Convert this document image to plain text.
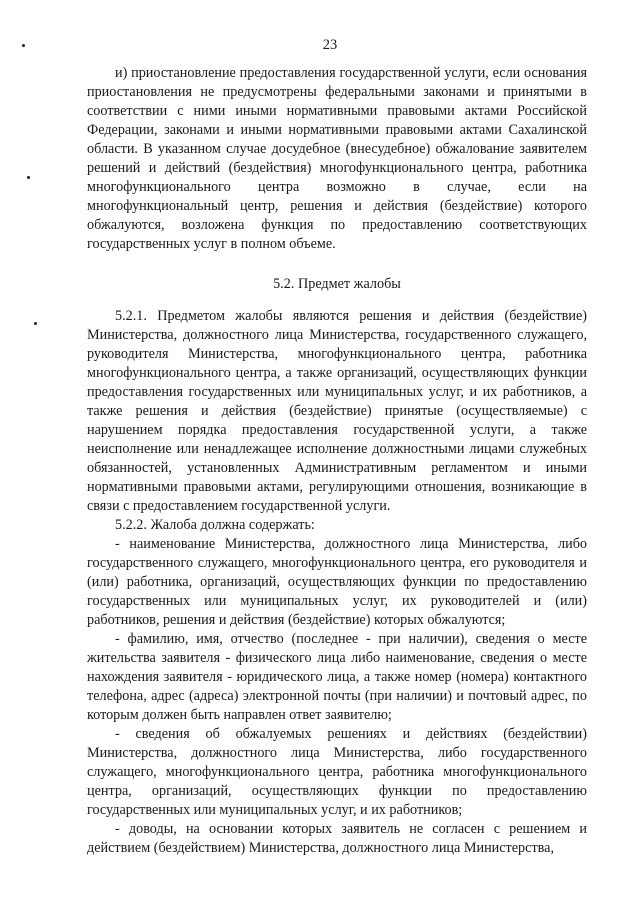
23

и) приостановление предоставления государственной услуги, если основания приостановления не предусмотрены федеральными законами и принятыми в соответствии с ними иными нормативными правовыми актами Российской Федерации, законами и иными нормативными правовыми актами Сахалинской области. В указанном случае досудебное (внесудебное) обжалование заявителем решений и действий (бездействия) многофункционального центра, работника многофункционального центра возможно в случае, если на многофункциональный центр, решения и действия (бездействие) которого обжалуются, возложена функция по предоставлению соответствующих государственных услуг в полном объеме.

5.2. Предмет жалобы

5.2.1. Предметом жалобы являются решения и действия (бездействие) Министерства, должностного лица Министерства, государственного служащего, руководителя Министерства, многофункционального центра, работника многофункционального центра, а также организаций, осуществляющих функции предоставления государственных или муниципальных услуг, и их работников, а также решения и действия (бездействие) принятые (осуществляемые) с нарушением порядка предоставления государственной услуги, а также неисполнение или ненадлежащее исполнение должностными лицами служебных обязанностей, установленных Административным регламентом и иными нормативными правовыми актами, регулирующими отношения, возникающие в связи с предоставлением государственной услуги.

5.2.2. Жалоба должна содержать:

- наименование Министерства, должностного лица Министерства, либо государственного служащего, многофункционального центра, его руководителя и (или) работника, организаций, осуществляющих функции по предоставлению государственных или муниципальных услуг, их руководителей и (или) работников, решения и действия (бездействие) которых обжалуются;

- фамилию, имя, отчество (последнее - при наличии), сведения о месте жительства заявителя - физического лица либо наименование, сведения о месте нахождения заявителя - юридического лица, а также номер (номера) контактного телефона, адрес (адреса) электронной почты (при наличии) и почтовый адрес, по которым должен быть направлен ответ заявителю;

- сведения об обжалуемых решениях и действиях (бездействии) Министерства, должностного лица Министерства, либо государственного служащего, многофункционального центра, работника многофункционального центра, организаций, осуществляющих функции по предоставлению государственных или муниципальных услуг, и их работников;

- доводы, на основании которых заявитель не согласен с решением и действием (бездействием) Министерства, должностного лица Министерства,
